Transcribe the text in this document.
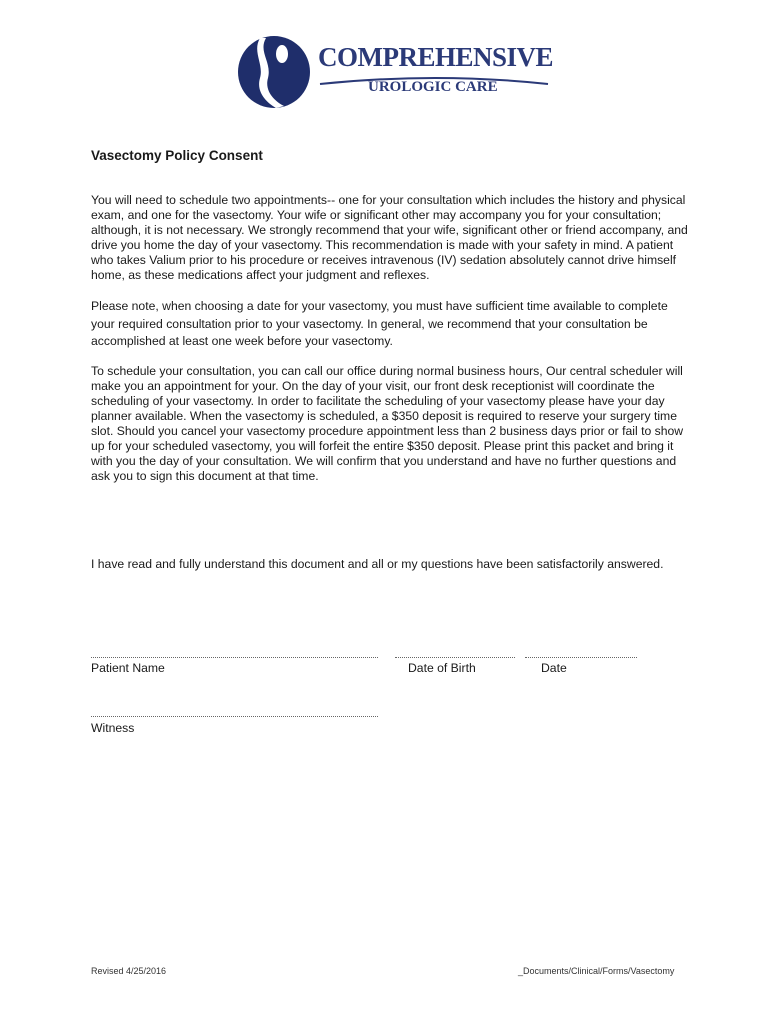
COMPREHENSIVE
UROLOGIC CARE
Vasectomy Policy Consent

You will need to schedule two appointments-- one for your consultation which includes the history and physical exam, and one for the vasectomy. Your wife or significant other may accompany you for your consultation; although, it is not necessary. We strongly recommend that your wife, significant other or friend accompany, and drive you home the day of your vasectomy. This recommendation is made with your safety in mind. A patient who takes Valium prior to his procedure or receives intravenous (IV) sedation absolutely cannot drive himself home, as these medications affect your judgment and reflexes.

Please note, when choosing a date for your vasectomy, you must have sufficient time available to complete your required consultation prior to your vasectomy. In general, we recommend that your consultation be accomplished at least one week before your vasectomy.

To schedule your consultation, you can call our office during normal business hours, Our central scheduler will make you an appointment for your. On the day of your visit, our front desk receptionist will coordinate the scheduling of your vasectomy. In order to facilitate the scheduling of your vasectomy please have your day planner available. When the vasectomy is scheduled, a $350 deposit is required to reserve your surgery time slot. Should you cancel your vasectomy procedure appointment less than 2 business days prior or fail to show up for your scheduled vasectomy, you will forfeit the entire $350 deposit. Please print this packet and bring it with you the day of your consultation. We will confirm that you understand and have no further questions and ask you to sign this document at that time.

I have read and fully understand this document and all or my questions have been satisfactorily answered.

Patient Name	Date of Birth	Date
Witness
Revised 4/25/2016	_Documents/Clinical/Forms/Vasectomy
